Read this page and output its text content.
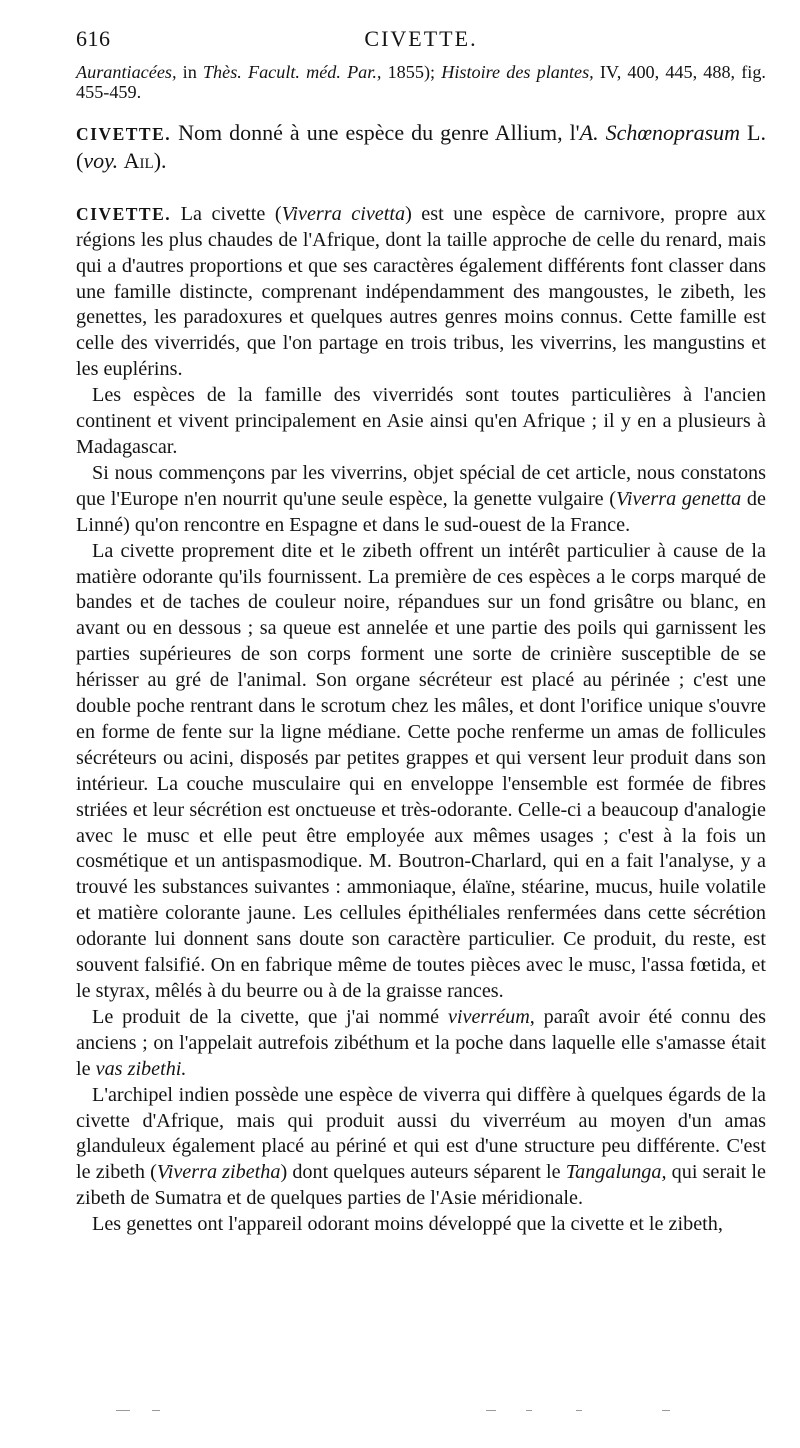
616	CIVETTE.

Aurantiacées, in Thès. Facult. méd. Par., 1855); Histoire des plantes, IV, 400, 445, 488, fig. 455-459.

CIVETTE. Nom donné à une espèce du genre Allium, l'A. Schœnoprasum L. (voy. Ail).

CIVETTE. La civette (Viverra civetta) est une espèce de carnivore, propre aux régions les plus chaudes de l'Afrique, dont la taille approche de celle du renard, mais qui a d'autres proportions et que ses caractères également différents font classer dans une famille distincte, comprenant indépendamment des mangoustes, le zibeth, les genettes, les paradoxures et quelques autres genres moins connus. Cette famille est celle des viverridés, que l'on partage en trois tribus, les viverrins, les mangustins et les euplérins.

Les espèces de la famille des viverridés sont toutes particulières à l'ancien continent et vivent principalement en Asie ainsi qu'en Afrique ; il y en a plusieurs à Madagascar.

Si nous commençons par les viverrins, objet spécial de cet article, nous constatons que l'Europe n'en nourrit qu'une seule espèce, la genette vulgaire (Viverra genetta de Linné) qu'on rencontre en Espagne et dans le sud-ouest de la France.

La civette proprement dite et le zibeth offrent un intérêt particulier à cause de la matière odorante qu'ils fournissent. La première de ces espèces a le corps marqué de bandes et de taches de couleur noire, répandues sur un fond grisâtre ou blanc, en avant ou en dessous ; sa queue est annelée et une partie des poils qui garnissent les parties supérieures de son corps forment une sorte de crinière susceptible de se hérisser au gré de l'animal. Son organe sécréteur est placé au périnée ; c'est une double poche rentrant dans le scrotum chez les mâles, et dont l'orifice unique s'ouvre en forme de fente sur la ligne médiane. Cette poche renferme un amas de follicules sécréteurs ou acini, disposés par petites grappes et qui versent leur produit dans son intérieur. La couche musculaire qui en enveloppe l'ensemble est formée de fibres striées et leur sécrétion est onctueuse et très-odorante. Celle-ci a beaucoup d'analogie avec le musc et elle peut être employée aux mêmes usages ; c'est à la fois un cosmétique et un antispasmodique. M. Boutron-Charlard, qui en a fait l'analyse, y a trouvé les substances suivantes : ammoniaque, élaïne, stéarine, mucus, huile volatile et matière colorante jaune. Les cellules épithéliales renfermées dans cette sécrétion odorante lui donnent sans doute son caractère particulier. Ce produit, du reste, est souvent falsifié. On en fabrique même de toutes pièces avec le musc, l'assa fœtida, et le styrax, mêlés à du beurre ou à de la graisse rances.

Le produit de la civette, que j'ai nommé viverréum, paraît avoir été connu des anciens ; on l'appelait autrefois zibéthum et la poche dans laquelle elle s'amasse était le vas zibethi.

L'archipel indien possède une espèce de viverra qui diffère à quelques égards de la civette d'Afrique, mais qui produit aussi du viverréum au moyen d'un amas glanduleux également placé au périné et qui est d'une structure peu différente. C'est le zibeth (Viverra zibetha) dont quelques auteurs séparent le Tangalunga, qui serait le zibeth de Sumatra et de quelques parties de l'Asie méridionale.

Les genettes ont l'appareil odorant moins développé que la civette et le zibeth,
